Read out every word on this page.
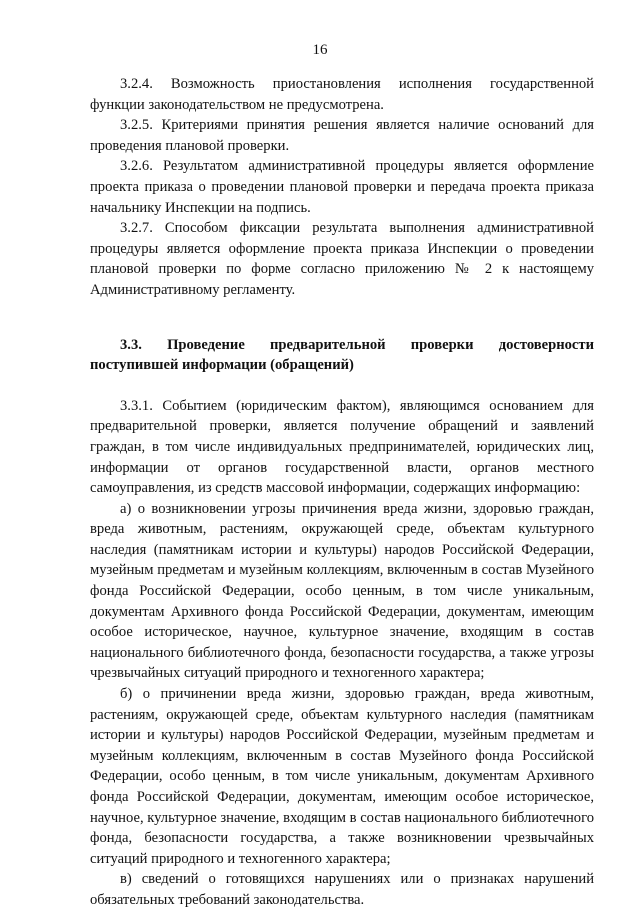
16

3.2.4. Возможность приостановления исполнения государственной функции законодательством не предусмотрена.

3.2.5. Критериями принятия решения является наличие оснований для проведения плановой проверки.

3.2.6. Результатом административной процедуры является оформление проекта приказа о проведении плановой проверки и передача проекта приказа начальнику Инспекции на подпись.

3.2.7. Способом фиксации результата выполнения административной процедуры является оформление проекта приказа Инспекции о проведении плановой проверки по форме согласно приложению № 2 к настоящему Административному регламенту.

3.3. Проведение предварительной проверки достоверности поступившей информации (обращений)

3.3.1. Событием (юридическим фактом), являющимся основанием для предварительной проверки, является получение обращений и заявлений граждан, в том числе индивидуальных предпринимателей, юридических лиц, информации от органов государственной власти, органов местного самоуправления, из средств массовой информации, содержащих информацию:

а) о возникновении угрозы причинения вреда жизни, здоровью граждан, вреда животным, растениям, окружающей среде, объектам культурного наследия (памятникам истории и культуры) народов Российской Федерации, музейным предметам и музейным коллекциям, включенным в состав Музейного фонда Российской Федерации, особо ценным, в том числе уникальным, документам Архивного фонда Российской Федерации, документам, имеющим особое историческое, научное, культурное значение, входящим в состав национального библиотечного фонда, безопасности государства, а также угрозы чрезвычайных ситуаций природного и техногенного характера;

б) о причинении вреда жизни, здоровью граждан, вреда животным, растениям, окружающей среде, объектам культурного наследия (памятникам истории и культуры) народов Российской Федерации, музейным предметам и музейным коллекциям, включенным в состав Музейного фонда Российской Федерации, особо ценным, в том числе уникальным, документам Архивного фонда Российской Федерации, документам, имеющим особое историческое, научное, культурное значение, входящим в состав национального библиотечного фонда, безопасности государства, а также возникновении чрезвычайных ситуаций природного и техногенного характера;

в) сведений о готовящихся нарушениях или о признаках нарушений обязательных требований законодательства.
